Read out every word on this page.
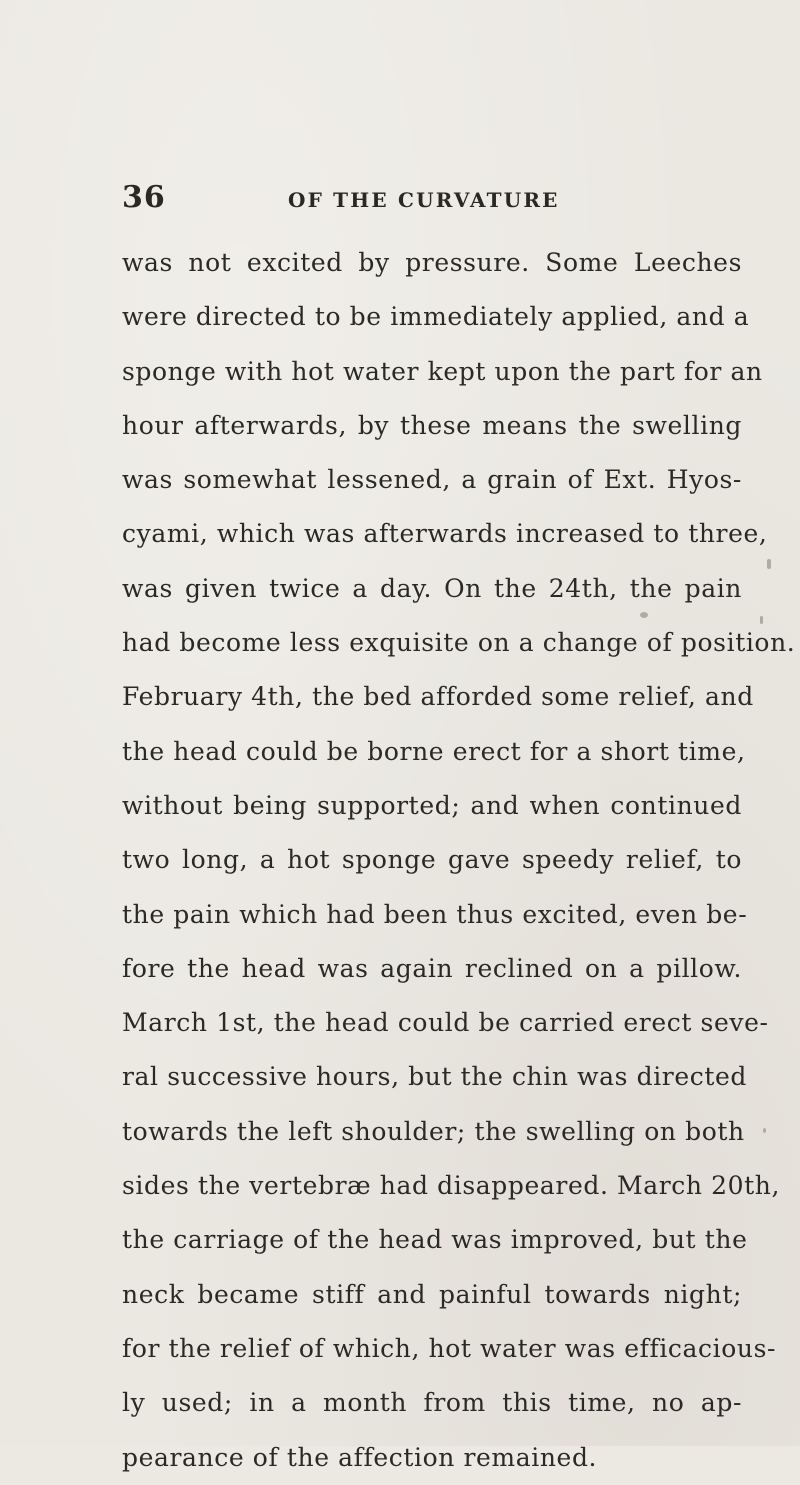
36	OF THE CURVATURE
was not excited by pressure. Some Leeches
were directed to be immediately applied, and a
sponge with hot water kept upon the part for an
hour afterwards, by these means the swelling
was somewhat lessened, a grain of Ext. Hyos-
cyami, which was afterwards increased to three,
was given twice a day. On the 24th, the pain
had become less exquisite on a change of position.
February 4th, the bed afforded some relief, and
the head could be borne erect for a short time,
without being supported; and when continued
two long, a hot sponge gave speedy relief, to
the pain which had been thus excited, even be-
fore the head was again reclined on a pillow.
March 1st, the head could be carried erect seve-
ral successive hours, but the chin was directed
towards the left shoulder; the swelling on both
sides the vertebræ had disappeared. March 20th,
the carriage of the head was improved, but the
neck became stiff and painful towards night;
for the relief of which, hot water was efficacious-
ly used; in a month from this time, no ap-
pearance of the affection remained.
